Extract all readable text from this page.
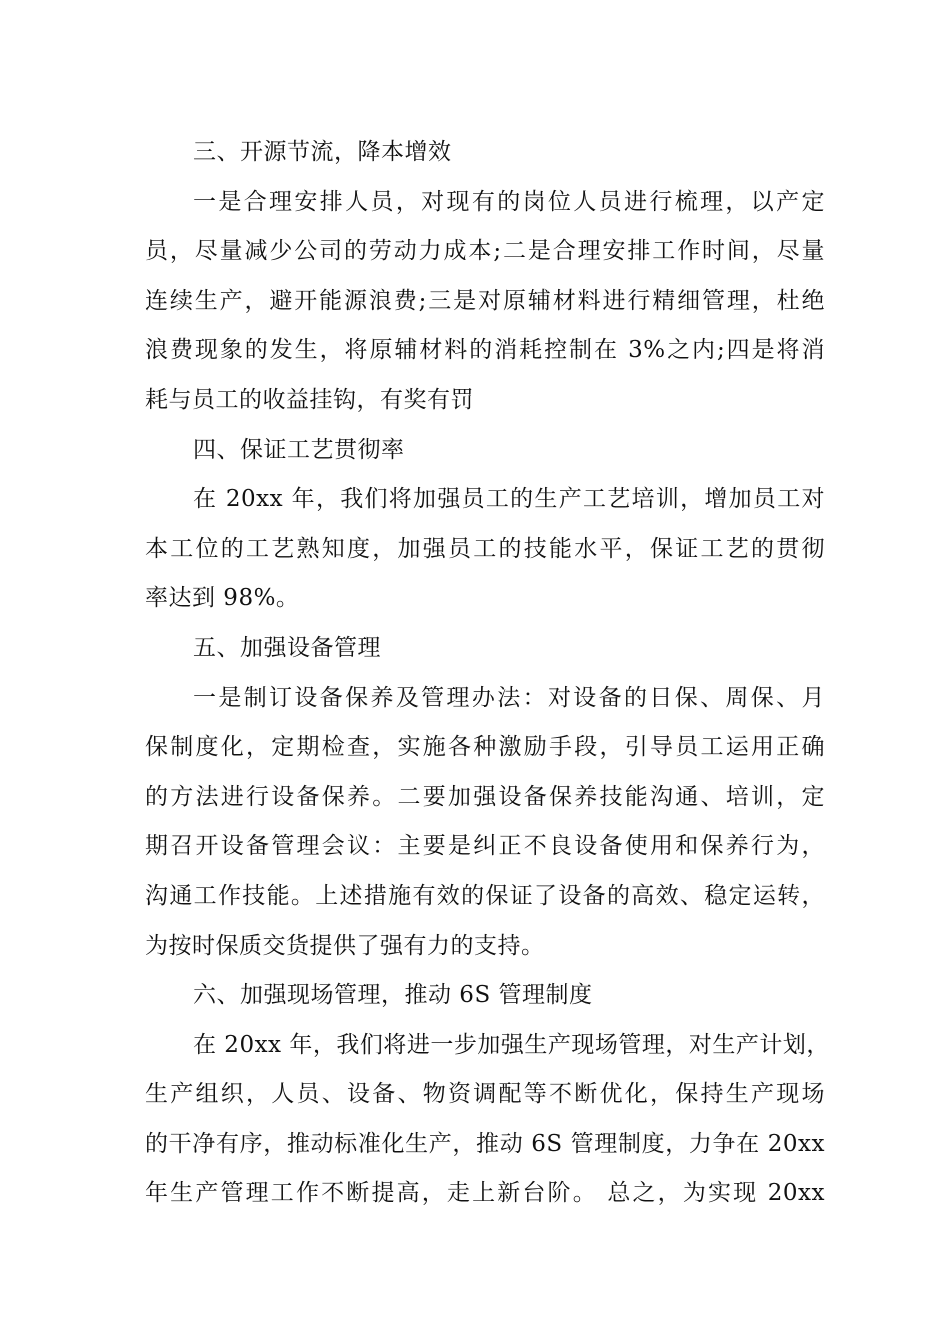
三、开源节流，降本增效
一是合理安排人员，对现有的岗位人员进行梳理，以产定
员，尽量减少公司的劳动力成本;二是合理安排工作时间，尽量
连续生产，避开能源浪费;三是对原辅材料进行精细管理，杜绝
浪费现象的发生，将原辅材料的消耗控制在 3%之内;四是将消
耗与员工的收益挂钩，有奖有罚
四、保证工艺贯彻率
在 20xx 年，我们将加强员工的生产工艺培训，增加员工对
本工位的工艺熟知度，加强员工的技能水平，保证工艺的贯彻
率达到 98%。
五、加强设备管理
一是制订设备保养及管理办法：对设备的日保、周保、月
保制度化，定期检查，实施各种激励手段，引导员工运用正确
的方法进行设备保养。二要加强设备保养技能沟通、培训，定
期召开设备管理会议：主要是纠正不良设备使用和保养行为，
沟通工作技能。上述措施有效的保证了设备的高效、稳定运转，
为按时保质交货提供了强有力的支持。
六、加强现场管理，推动 6S 管理制度
在 20xx 年，我们将进一步加强生产现场管理，对生产计划，
生产组织，人员、设备、物资调配等不断优化，保持生产现场
的干净有序，推动标准化生产，推动 6S 管理制度，力争在 20xx
年生产管理工作不断提高，走上新台阶。 总之，为实现 20xx
